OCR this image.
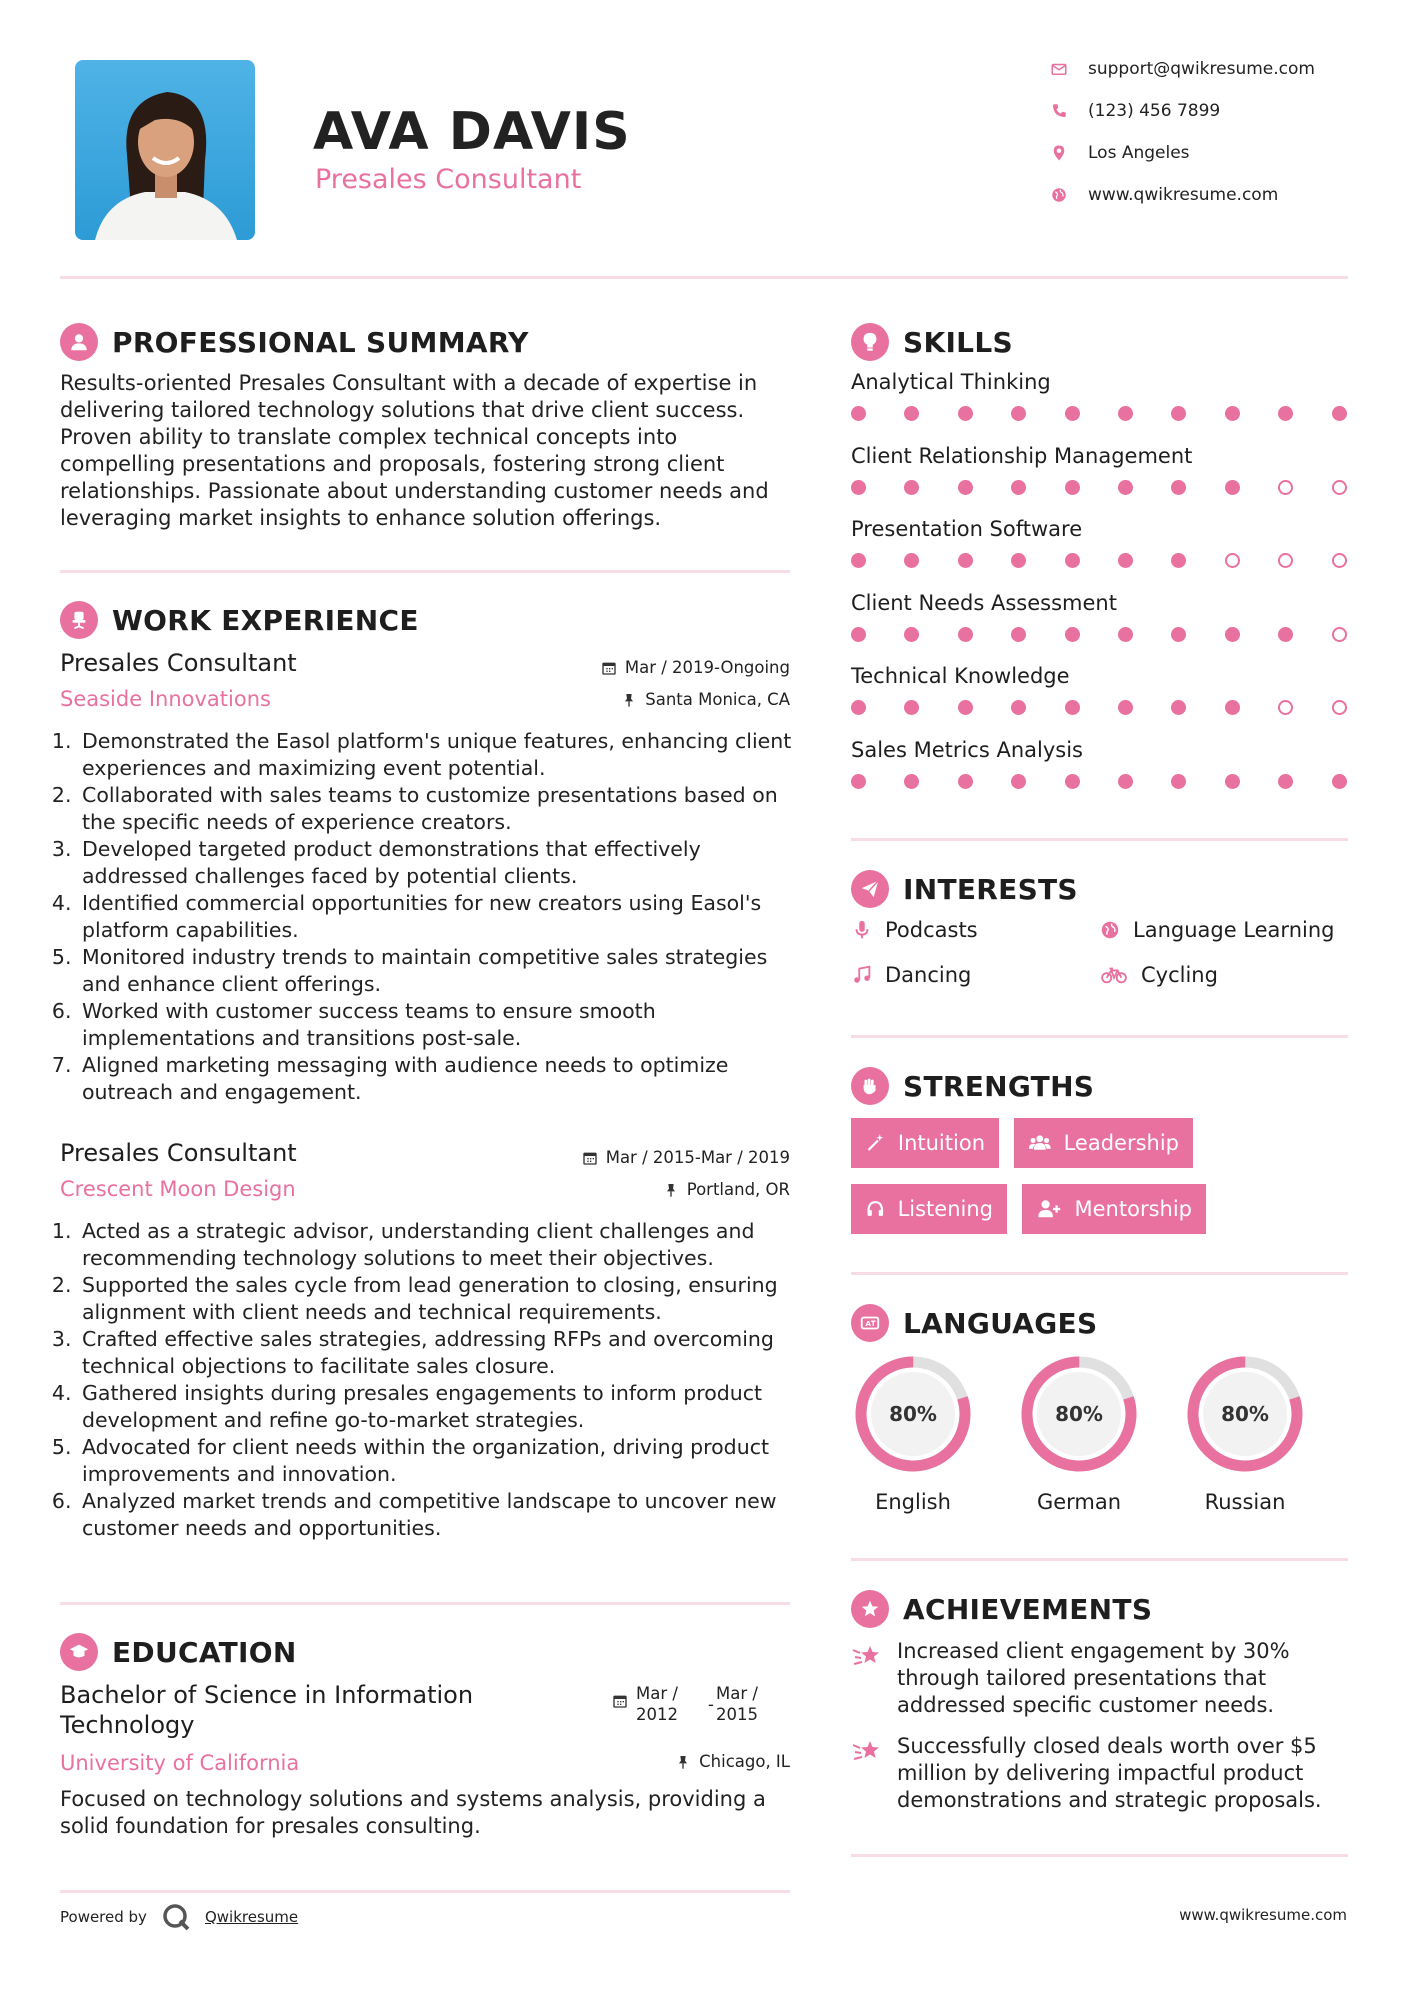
AVA DAVIS
Presales Consultant
support@qwikresume.com
(123) 456 7899
Los Angeles
www.qwikresume.com
PROFESSIONAL SUMMARY
Results-oriented Presales Consultant with a decade of expertise in delivering tailored technology solutions that drive client success. Proven ability to translate complex technical concepts into compelling presentations and proposals, fostering strong client relationships. Passionate about understanding customer needs and leveraging market insights to enhance solution offerings.
WORK EXPERIENCE
Presales Consultant
Seaside Innovations
Mar / 2019-Ongoing
Santa Monica, CA
1. Demonstrated the Easol platform's unique features, enhancing client experiences and maximizing event potential.
2. Collaborated with sales teams to customize presentations based on the specific needs of experience creators.
3. Developed targeted product demonstrations that effectively addressed challenges faced by potential clients.
4. Identified commercial opportunities for new creators using Easol's platform capabilities.
5. Monitored industry trends to maintain competitive sales strategies and enhance client offerings.
6. Worked with customer success teams to ensure smooth implementations and transitions post-sale.
7. Aligned marketing messaging with audience needs to optimize outreach and engagement.
Presales Consultant
Crescent Moon Design
Mar / 2015-Mar / 2019
Portland, OR
1. Acted as a strategic advisor, understanding client challenges and recommending technology solutions to meet their objectives.
2. Supported the sales cycle from lead generation to closing, ensuring alignment with client needs and technical requirements.
3. Crafted effective sales strategies, addressing RFPs and overcoming technical objections to facilitate sales closure.
4. Gathered insights during presales engagements to inform product development and refine go-to-market strategies.
5. Advocated for client needs within the organization, driving product improvements and innovation.
6. Analyzed market trends and competitive landscape to uncover new customer needs and opportunities.
EDUCATION
Bachelor of Science in Information Technology
University of California
Mar / 2012
-
Mar / 2015
Chicago, IL
Focused on technology solutions and systems analysis, providing a solid foundation for presales consulting.
SKILLS
Analytical Thinking
Client Relationship Management
Presentation Software
Client Needs Assessment
Technical Knowledge
Sales Metrics Analysis
INTERESTS
Podcasts	Language Learning
Dancing	Cycling
STRENGTHS
Intuition	Leadership
Listening	Mentorship
A LANGUAGES
80%
English
80%
German
80%
Russian
ACHIEVEMENTS
Increased client engagement by 30% through tailored presentations that addressed specific customer needs.
Successfully closed deals worth over $5 million by delivering impactful product demonstrations and strategic proposals.
Powered by	Qwikresume	www.qwikresume.com
